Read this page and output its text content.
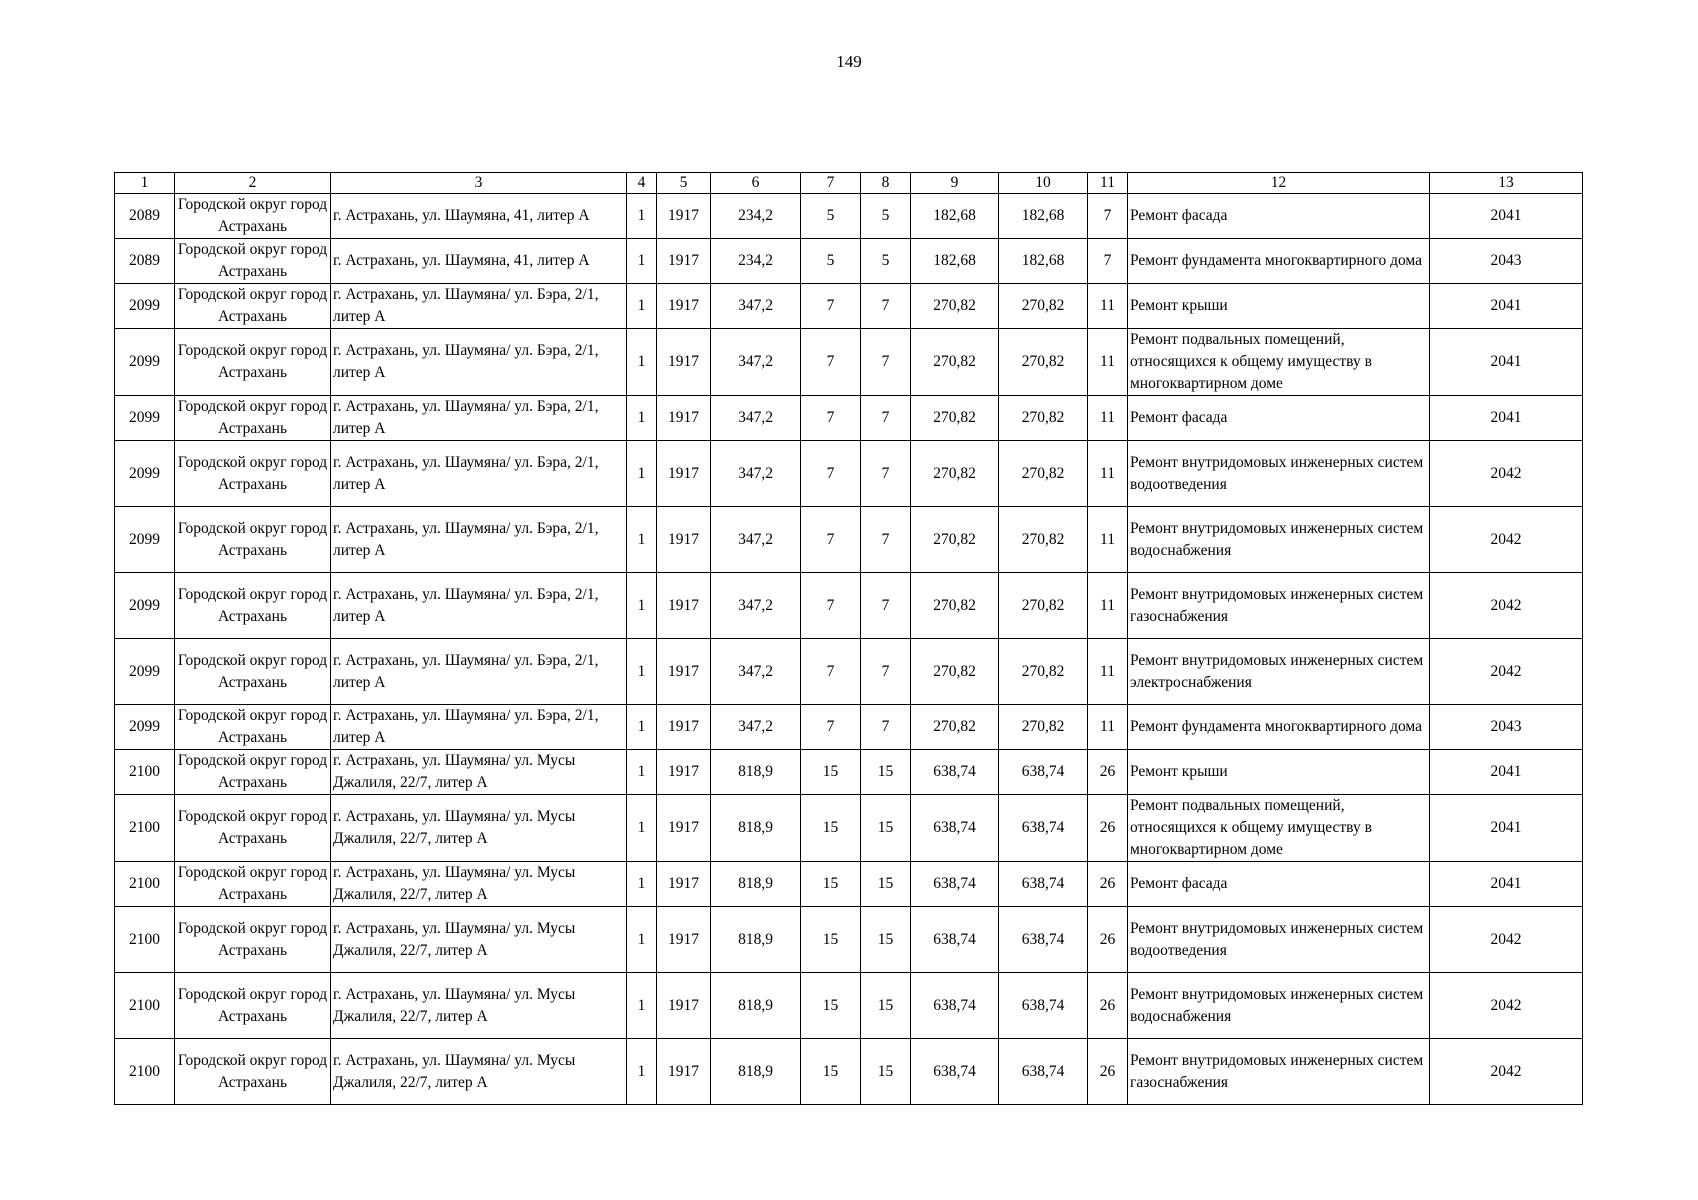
149
1	2	3	4	5	6	7	8	9	10	11	12	13
2089	Городской округ город Астрахань	г. Астрахань, ул. Шаумяна, 41, литер А	1	1917	234,2	5	5	182,68	182,68	7	Ремонт фасада	2041
2089	Городской округ город Астрахань	г. Астрахань, ул. Шаумяна, 41, литер А	1	1917	234,2	5	5	182,68	182,68	7	Ремонт фундамента многоквартирного дома	2043
2099	Городской округ город Астрахань	г. Астрахань, ул. Шаумяна/ ул. Бэра, 2/1, литер А	1	1917	347,2	7	7	270,82	270,82	11	Ремонт крыши	2041
2099	Городской округ город Астрахань	г. Астрахань, ул. Шаумяна/ ул. Бэра, 2/1, литер А	1	1917	347,2	7	7	270,82	270,82	11	Ремонт подвальных помещений, относящихся к общему имуществу в многоквартирном доме	2041
2099	Городской округ город Астрахань	г. Астрахань, ул. Шаумяна/ ул. Бэра, 2/1, литер А	1	1917	347,2	7	7	270,82	270,82	11	Ремонт фасада	2041
2099	Городской округ город Астрахань	г. Астрахань, ул. Шаумяна/ ул. Бэра, 2/1, литер А	1	1917	347,2	7	7	270,82	270,82	11	Ремонт внутридомовых инженерных систем водоотведения	2042
2099	Городской округ город Астрахань	г. Астрахань, ул. Шаумяна/ ул. Бэра, 2/1, литер А	1	1917	347,2	7	7	270,82	270,82	11	Ремонт внутридомовых инженерных систем водоснабжения	2042
2099	Городской округ город Астрахань	г. Астрахань, ул. Шаумяна/ ул. Бэра, 2/1, литер А	1	1917	347,2	7	7	270,82	270,82	11	Ремонт внутридомовых инженерных систем газоснабжения	2042
2099	Городской округ город Астрахань	г. Астрахань, ул. Шаумяна/ ул. Бэра, 2/1, литер А	1	1917	347,2	7	7	270,82	270,82	11	Ремонт внутридомовых инженерных систем электроснабжения	2042
2099	Городской округ город Астрахань	г. Астрахань, ул. Шаумяна/ ул. Бэра, 2/1, литер А	1	1917	347,2	7	7	270,82	270,82	11	Ремонт фундамента многоквартирного дома	2043
2100	Городской округ город Астрахань	г. Астрахань, ул. Шаумяна/ ул. Мусы Джалиля, 22/7, литер А	1	1917	818,9	15	15	638,74	638,74	26	Ремонт крыши	2041
2100	Городской округ город Астрахань	г. Астрахань, ул. Шаумяна/ ул. Мусы Джалиля, 22/7, литер А	1	1917	818,9	15	15	638,74	638,74	26	Ремонт подвальных помещений, относящихся к общему имуществу в многоквартирном доме	2041
2100	Городской округ город Астрахань	г. Астрахань, ул. Шаумяна/ ул. Мусы Джалиля, 22/7, литер А	1	1917	818,9	15	15	638,74	638,74	26	Ремонт фасада	2041
2100	Городской округ город Астрахань	г. Астрахань, ул. Шаумяна/ ул. Мусы Джалиля, 22/7, литер А	1	1917	818,9	15	15	638,74	638,74	26	Ремонт внутридомовых инженерных систем водоотведения	2042
2100	Городской округ город Астрахань	г. Астрахань, ул. Шаумяна/ ул. Мусы Джалиля, 22/7, литер А	1	1917	818,9	15	15	638,74	638,74	26	Ремонт внутридомовых инженерных систем водоснабжения	2042
2100	Городской округ город Астрахань	г. Астрахань, ул. Шаумяна/ ул. Мусы Джалиля, 22/7, литер А	1	1917	818,9	15	15	638,74	638,74	26	Ремонт внутридомовых инженерных систем газоснабжения	2042
